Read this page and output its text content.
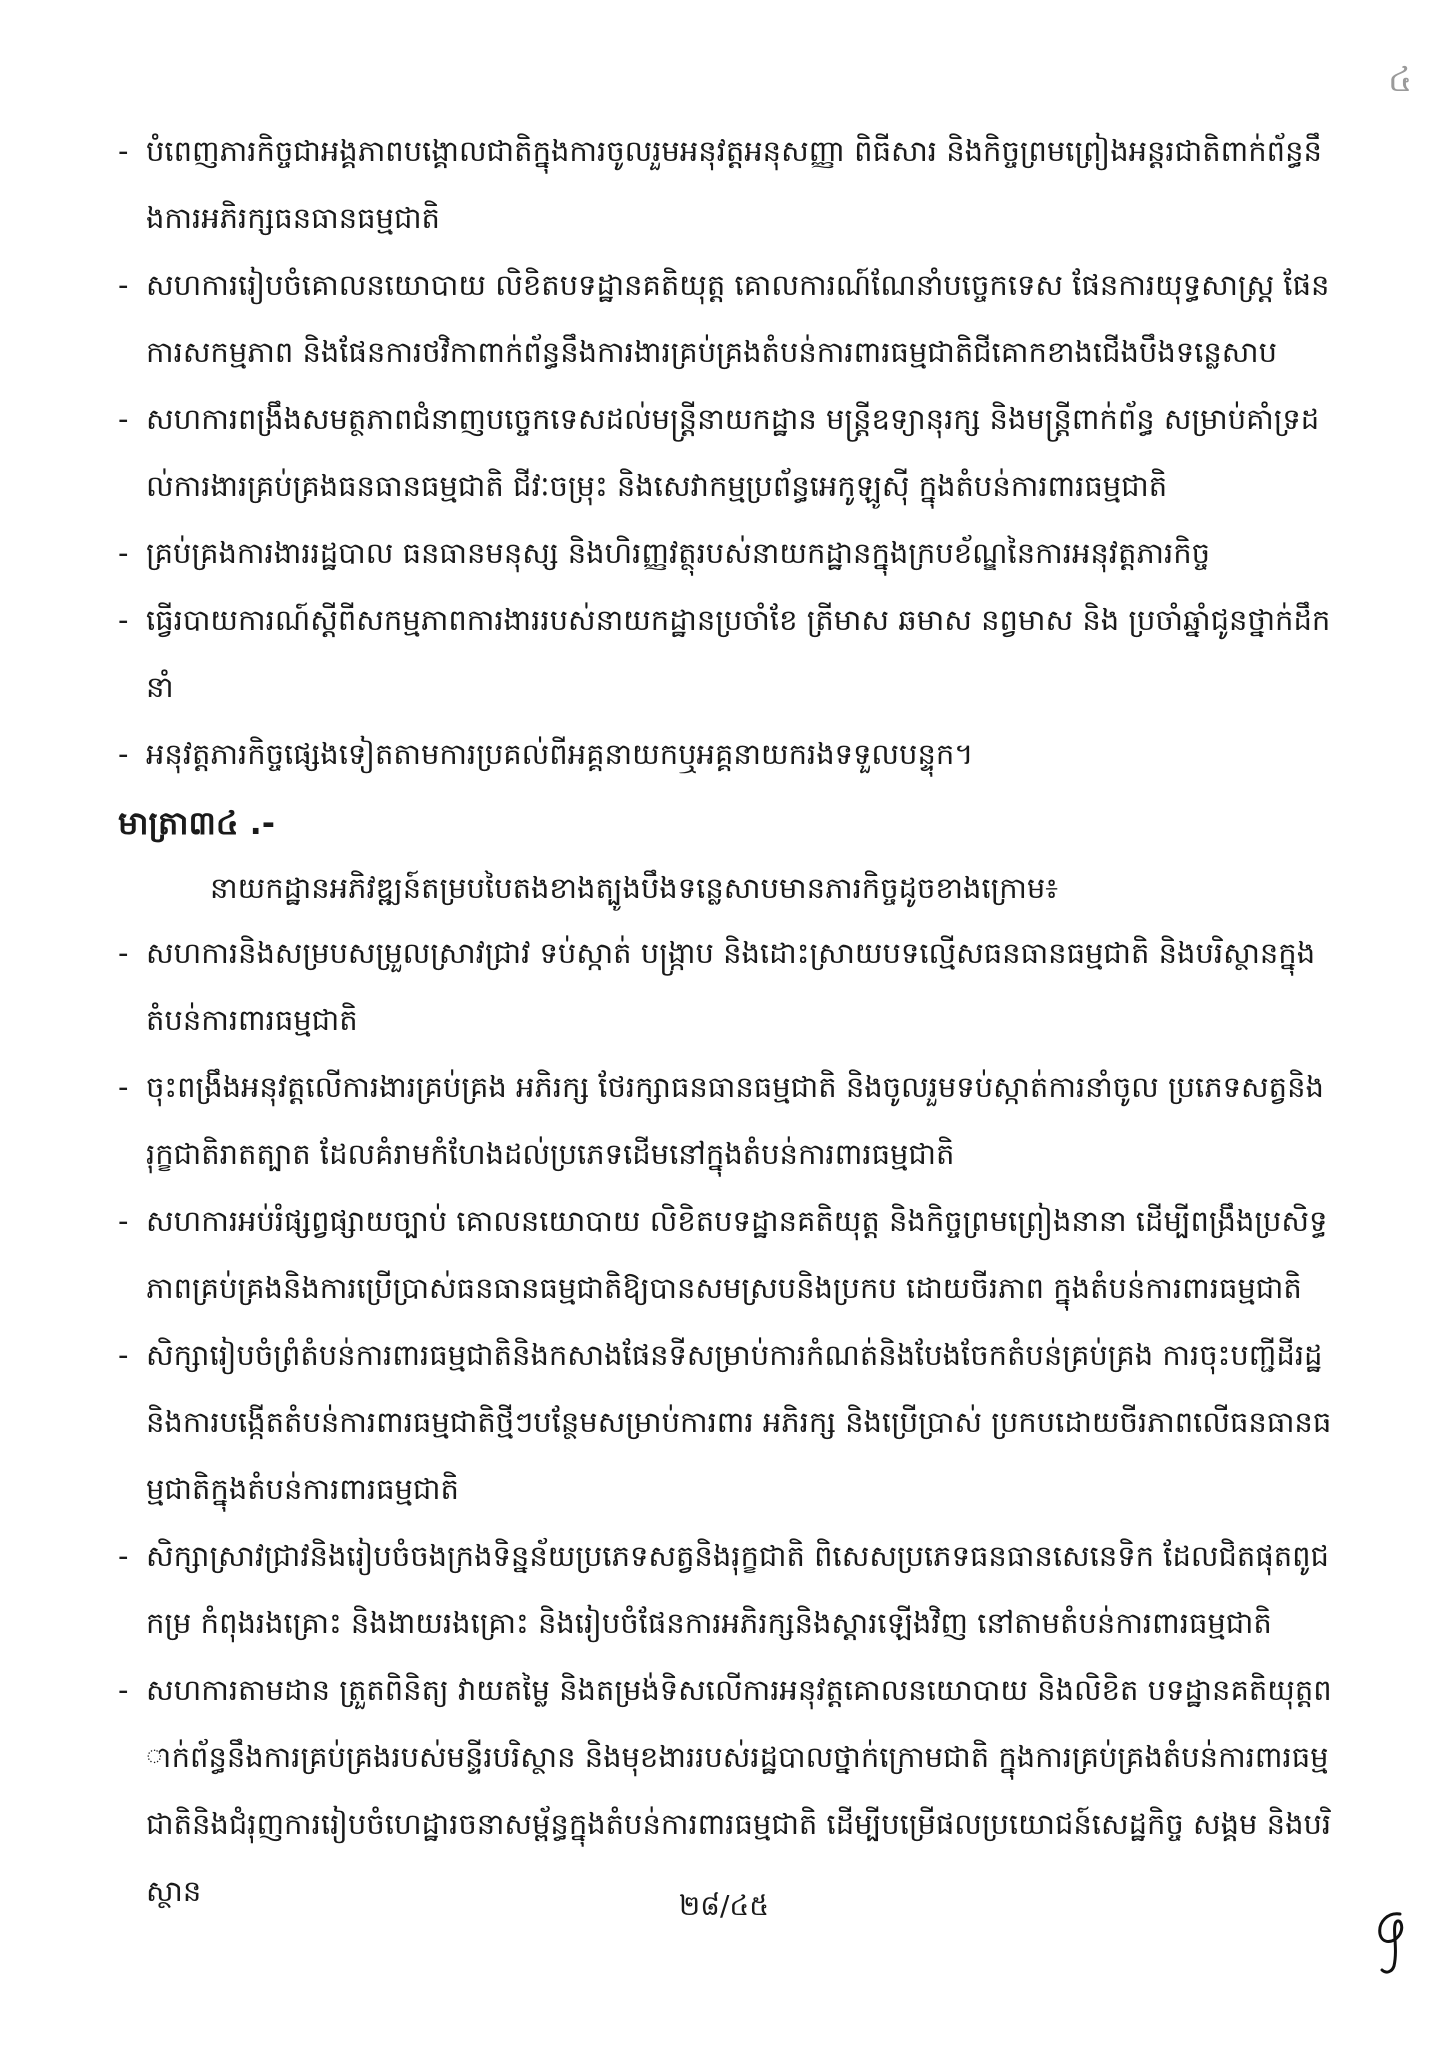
៤
- បំពេញភារកិច្ចជាអង្គភាពបង្គោលជាតិក្នុងការចូលរួមអនុវត្តអនុសញ្ញា ពិធីសារ និងកិច្ចព្រមព្រៀងអន្តរជាតិពាក់ព័ន្ធនឹងការអភិរក្សធនធានធម្មជាតិ
- សហការរៀបចំគោលនយោបាយ លិខិតបទដ្ឋានគតិយុត្ត គោលការណ៍ណែនាំបច្ចេកទេស ផែនការយុទ្ធសាស្ត្រ ផែនការសកម្មភាព និងផែនការថវិកាពាក់ព័ន្ធនឹងការងារគ្រប់គ្រងតំបន់ការពារធម្មជាតិជីគោកខាងជើងបឹងទន្លេសាប
- សហការពង្រឹងសមត្ថភាពជំនាញបច្ចេកទេសដល់មន្ត្រីនាយកដ្ឋាន មន្ត្រីឧទ្យានុរក្ស និងមន្ត្រីពាក់ព័ន្ធ សម្រាប់គាំទ្រដល់ការងារគ្រប់គ្រងធនធានធម្មជាតិ ជីវៈចម្រុះ និងសេវាកម្មប្រព័ន្ធអេកូឡូស៊ី ក្នុងតំបន់ការពារធម្មជាតិ
- គ្រប់គ្រងការងាររដ្ឋបាល ធនធានមនុស្ស និងហិរញ្ញវត្ថុរបស់នាយកដ្ឋានក្នុងក្របខ័ណ្ឌនៃការអនុវត្តភារកិច្ច
- ធ្វើរបាយការណ៍ស្ដីពីសកម្មភាពការងាររបស់នាយកដ្ឋានប្រចាំខែ ត្រីមាស ឆមាស នព្វមាស និង ប្រចាំឆ្នាំជូនថ្នាក់ដឹកនាំ
- អនុវត្តភារកិច្ចផ្សេងទៀតតាមការប្រគល់ពីអគ្គនាយកឬអគ្គនាយករងទទួលបន្ទុក។
មាត្រា៣៤ .-
នាយកដ្ឋានអភិវឌ្ឍន៍តម្របបៃតងខាងត្បូងបឹងទន្លេសាបមានភារកិច្ចដូចខាងក្រោម៖
- សហការនិងសម្របសម្រួលស្រាវជ្រាវ ទប់ស្កាត់ បង្ក្រាប និងដោះស្រាយបទល្មើសធនធានធម្មជាតិ និងបរិស្ថានក្នុងតំបន់ការពារធម្មជាតិ
- ចុះពង្រឹងអនុវត្តលើការងារគ្រប់គ្រង អភិរក្ស ថែរក្សាធនធានធម្មជាតិ និងចូលរួមទប់ស្កាត់ការនាំចូល ប្រភេទសត្វនិងរុក្ខជាតិរាតត្បាត ដែលគំរាមកំហែងដល់ប្រភេទដើមនៅក្នុងតំបន់ការពារធម្មជាតិ
- សហការអប់រំផ្សព្វផ្សាយច្បាប់ គោលនយោបាយ លិខិតបទដ្ឋានគតិយុត្ត និងកិច្ចព្រមព្រៀងនានា ដើម្បីពង្រឹងប្រសិទ្ធភាពគ្រប់គ្រងនិងការប្រើប្រាស់ធនធានធម្មជាតិឱ្យបានសមស្របនិងប្រកប ដោយចីរភាព ក្នុងតំបន់ការពារធម្មជាតិ
- សិក្សារៀបចំព្រំតំបន់ការពារធម្មជាតិនិងកសាងផែនទីសម្រាប់ការកំណត់និងបែងចែកតំបន់គ្រប់គ្រង ការចុះបញ្ជីដីរដ្ឋ និងការបង្កើតតំបន់ការពារធម្មជាតិថ្មីៗបន្ថែមសម្រាប់ការពារ អភិរក្ស និងប្រើប្រាស់ ប្រកបដោយចីរភាពលើធនធានធម្មជាតិក្នុងតំបន់ការពារធម្មជាតិ
- សិក្សាស្រាវជ្រាវនិងរៀបចំចងក្រងទិន្នន័យប្រភេទសត្វនិងរុក្ខជាតិ ពិសេសប្រភេទធនធានសេនេទិក ដែលជិតផុតពូជ កម្រ កំពុងរងគ្រោះ និងងាយរងគ្រោះ និងរៀបចំផែនការអភិរក្សនិងស្តារឡើងវិញ នៅតាមតំបន់ការពារធម្មជាតិ
- សហការតាមដាន ត្រួតពិនិត្យ វាយតម្លៃ និងតម្រង់ទិសលើការអនុវត្តគោលនយោបាយ និងលិខិត បទដ្ឋានគតិយុត្តពាក់ព័ន្ធនឹងការគ្រប់គ្រងរបស់មន្ទីរបរិស្ថាន និងមុខងាររបស់រដ្ឋបាលថ្នាក់ក្រោមជាតិ ក្នុងការគ្រប់គ្រងតំបន់ការពារធម្មជាតិនិងជំរុញការរៀបចំហេដ្ឋារចនាសម្ព័ន្ធក្នុងតំបន់ការពារធម្មជាតិ ដើម្បីបម្រើផលប្រយោជន៍សេដ្ឋកិច្ច សង្គម និងបរិស្ថាន	២៨/៤៥
